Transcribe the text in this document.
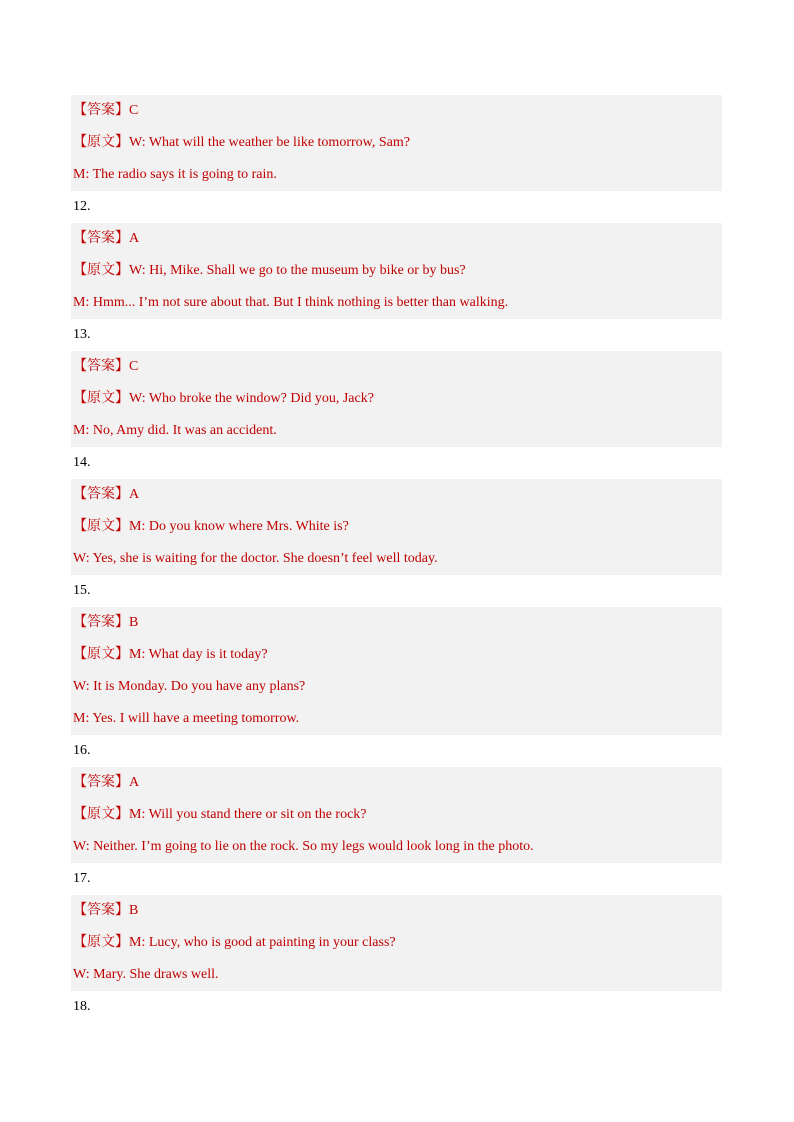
【答案】C
【原文】W: What will the weather be like tomorrow, Sam?
M: The radio says it is going to rain.
12.
【答案】A
【原文】W: Hi, Mike. Shall we go to the museum by bike or by bus?
M: Hmm... I’m not sure about that. But I think nothing is better than walking.
13.
【答案】C
【原文】W: Who broke the window? Did you, Jack?
M: No, Amy did. It was an accident.
14.
【答案】A
【原文】M: Do you know where Mrs. White is?
W: Yes, she is waiting for the doctor. She doesn’t feel well today.
15.
【答案】B
【原文】M: What day is it today?
W: It is Monday. Do you have any plans?
M: Yes. I will have a meeting tomorrow.
16.
【答案】A
【原文】M: Will you stand there or sit on the rock?
W: Neither. I’m going to lie on the rock. So my legs would look long in the photo.
17.
【答案】B
【原文】M: Lucy, who is good at painting in your class?
W: Mary. She draws well.
18.
